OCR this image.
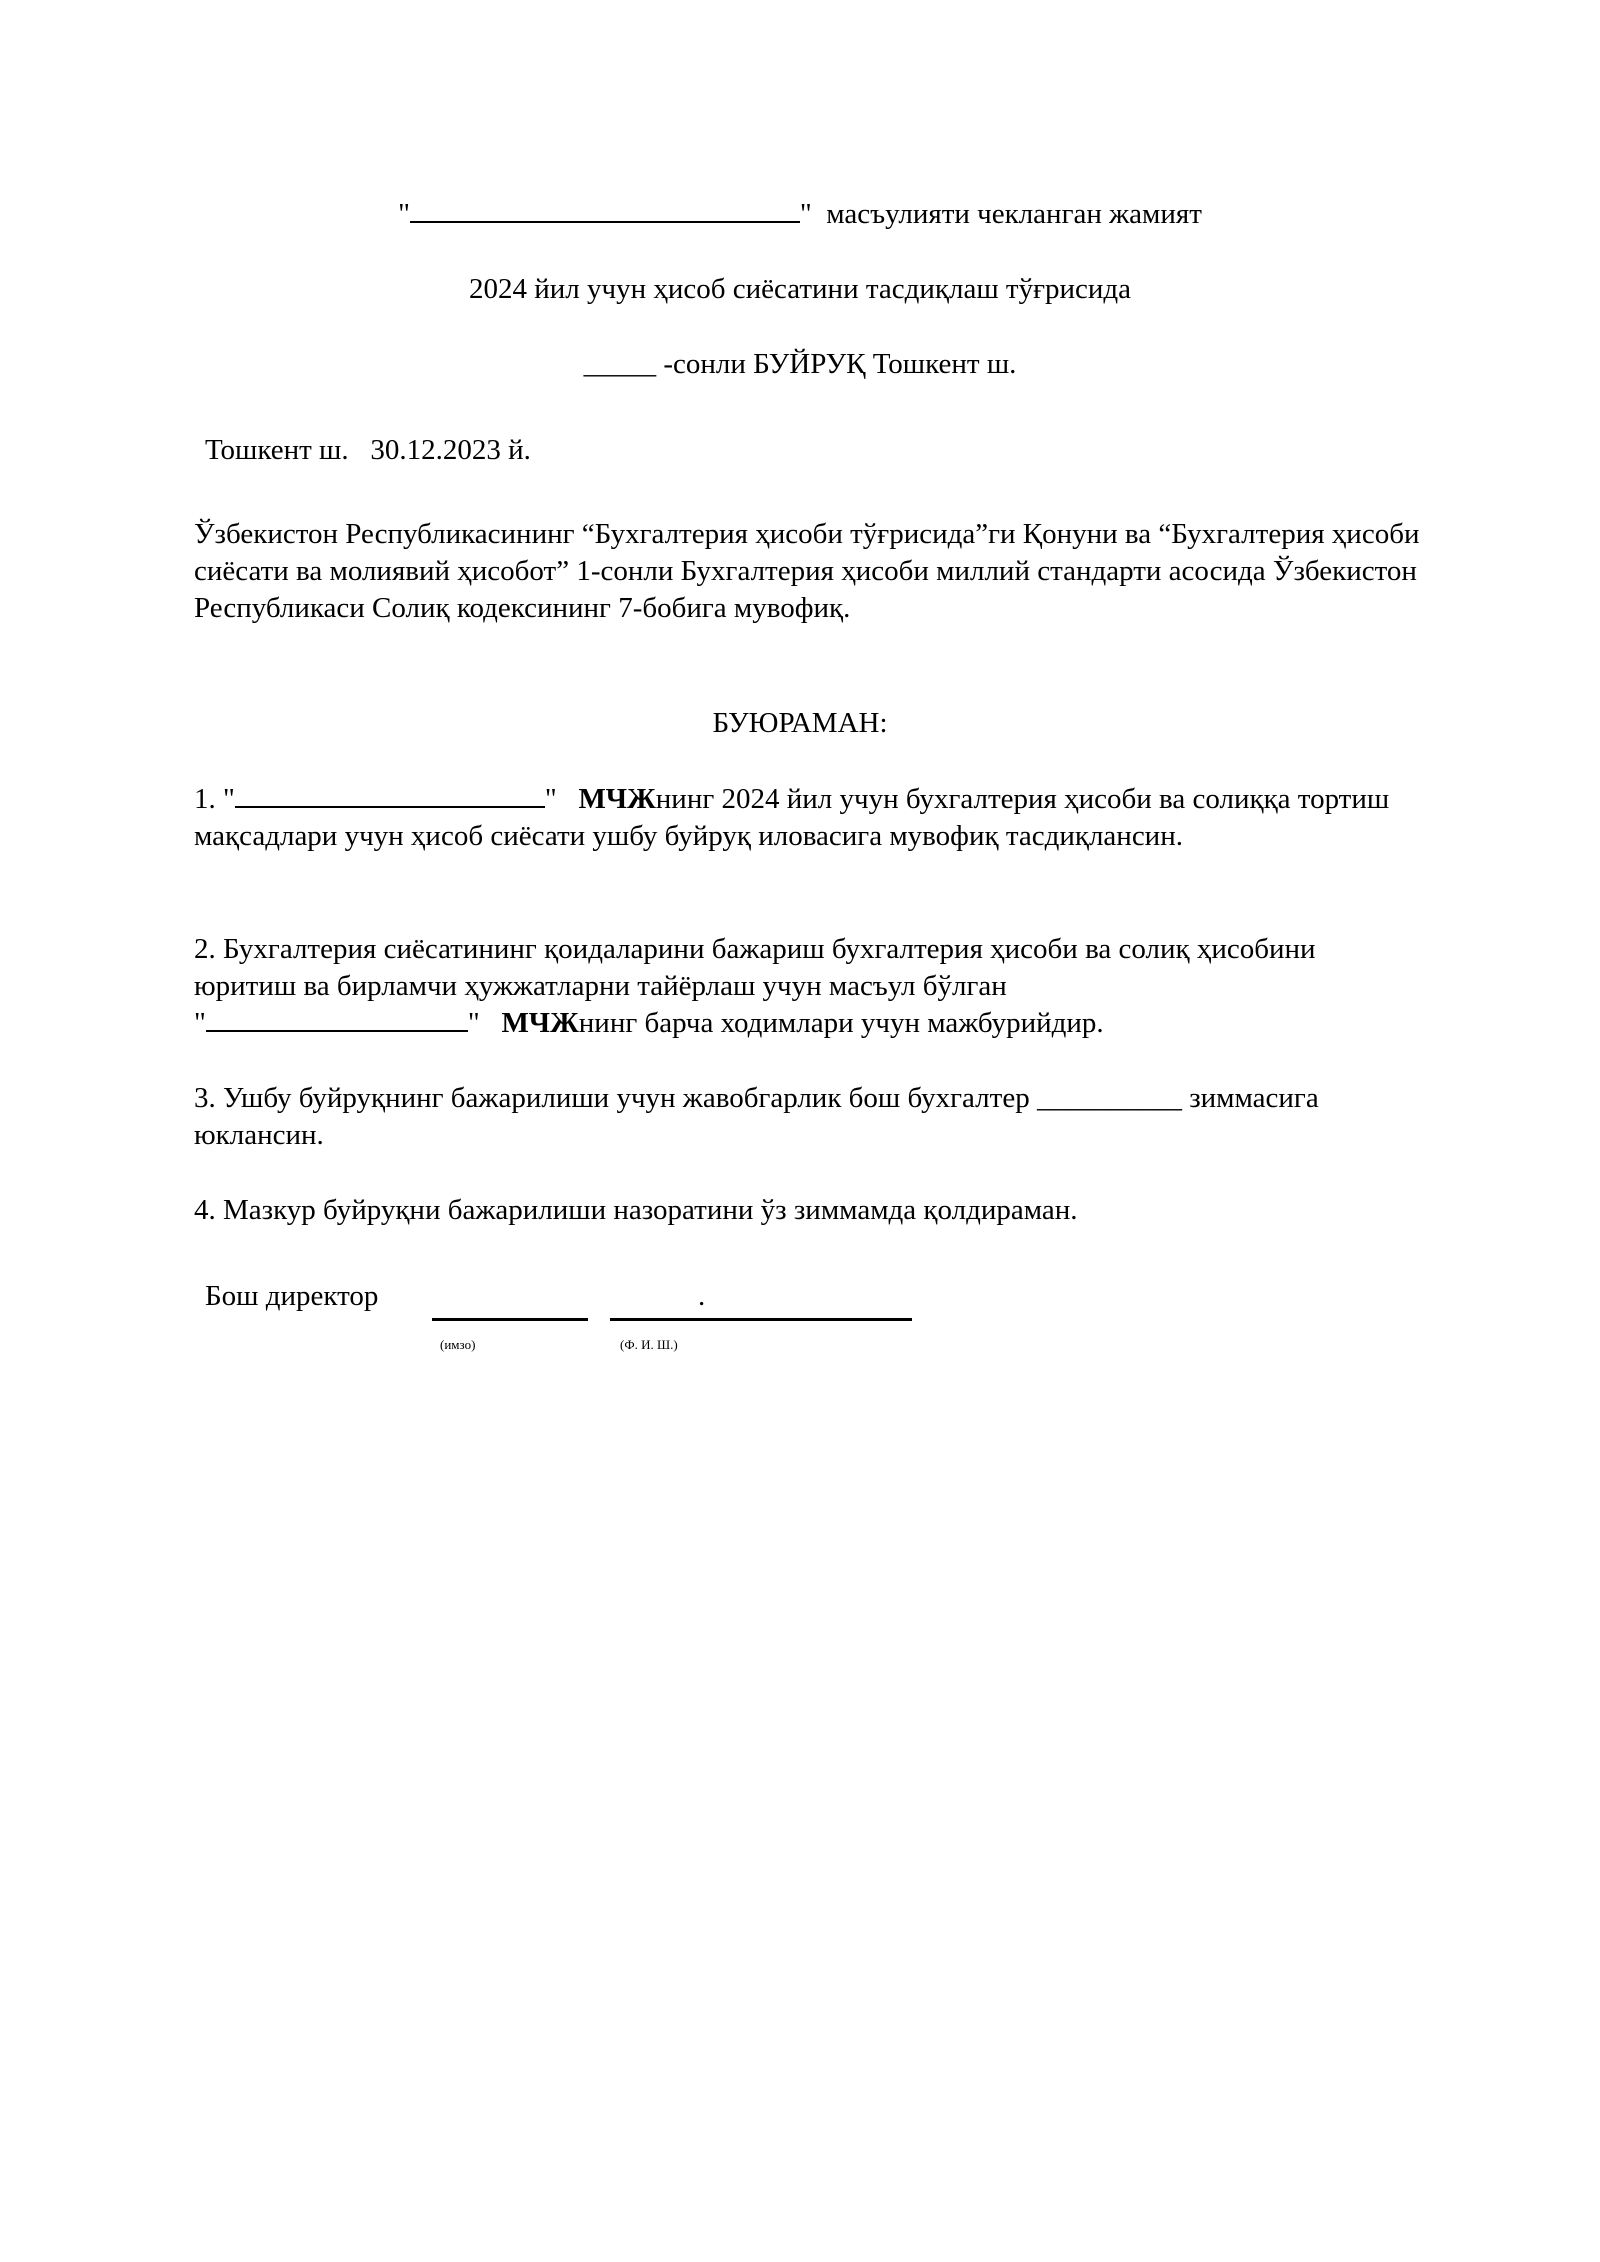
"	" масъулияти чекланган жамият
2024 йил учун ҳисоб сиёсатини тасдиқлаш тўғрисида
_____ -сонли БУЙРУҚ Тошкент ш.
Тошкент ш. 30.12.2023 й.
Ўзбекистон Республикасининг “Бухгалтерия ҳисоби тўғрисида”ги Қонуни ва “Бухгалтерия ҳисоби сиёсати ва молиявий ҳисобот” 1-сонли Бухгалтерия ҳисоби миллий стандарти асосида Ўзбекистон Республикаси Солиқ кодексининг 7-бобига мувофиқ.
БУЮРАМАН:
1. "	" МЧЖнинг 2024 йил учун бухгалтерия ҳисоби ва солиққа тортиш мақсадлари учун ҳисоб сиёсати ушбу буйруқ иловасига мувофиқ тасдиқлансин.
2. Бухгалтерия сиёсатининг қоидаларини бажариш бухгалтерия ҳисоби ва солиқ ҳисобини юритиш ва бирламчи ҳужжатларни тайёрлаш учун масъул бўлган
"	" МЧЖнинг барча ходимлари учун мажбурийдир.
3. Ушбу буйруқнинг бажарилиши учун жавобгарлик бош бухгалтер __________ зиммасига юклансин.
4. Мазкур буйруқни бажарилиши назоратини ўз зиммамда қолдираман.
Бош директор	.
(имзо)	(Ф. И. Ш.)
